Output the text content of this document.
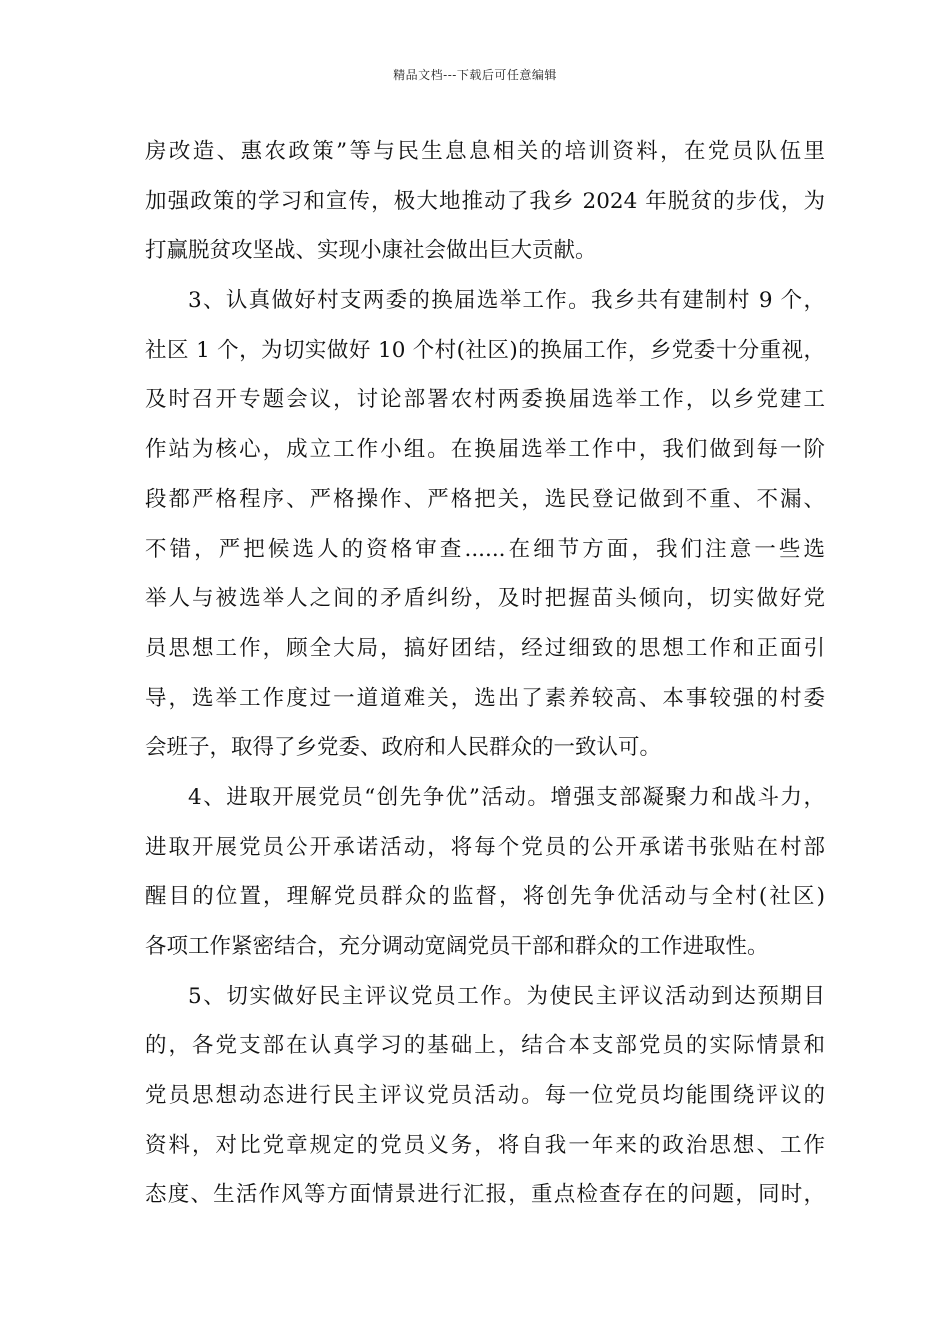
精品文档---下载后可任意编辑
房改造、惠农政策”等与民生息息相关的培训资料，在党员队伍里
加强政策的学习和宣传，极大地推动了我乡 2024 年脱贫的步伐，为
打赢脱贫攻坚战、实现小康社会做出巨大贡献。
3、认真做好村支两委的换届选举工作。我乡共有建制村 9 个，
社区 1 个，为切实做好 10 个村(社区)的换届工作，乡党委十分重视，
及时召开专题会议，讨论部署农村两委换届选举工作，以乡党建工
作站为核心，成立工作小组。在换届选举工作中，我们做到每一阶
段都严格程序、严格操作、严格把关，选民登记做到不重、不漏、
不错，严把候选人的资格审查......在细节方面，我们注意一些选
举人与被选举人之间的矛盾纠纷，及时把握苗头倾向，切实做好党
员思想工作，顾全大局，搞好团结，经过细致的思想工作和正面引
导，选举工作度过一道道难关，选出了素养较高、本事较强的村委
会班子，取得了乡党委、政府和人民群众的一致认可。
4、进取开展党员“创先争优”活动。增强支部凝聚力和战斗力，
进取开展党员公开承诺活动，将每个党员的公开承诺书张贴在村部
醒目的位置，理解党员群众的监督，将创先争优活动与全村(社区)
各项工作紧密结合，充分调动宽阔党员干部和群众的工作进取性。
5、切实做好民主评议党员工作。为使民主评议活动到达预期目
的，各党支部在认真学习的基础上，结合本支部党员的实际情景和
党员思想动态进行民主评议党员活动。每一位党员均能围绕评议的
资料，对比党章规定的党员义务，将自我一年来的政治思想、工作
态度、生活作风等方面情景进行汇报，重点检查存在的问题，同时，
